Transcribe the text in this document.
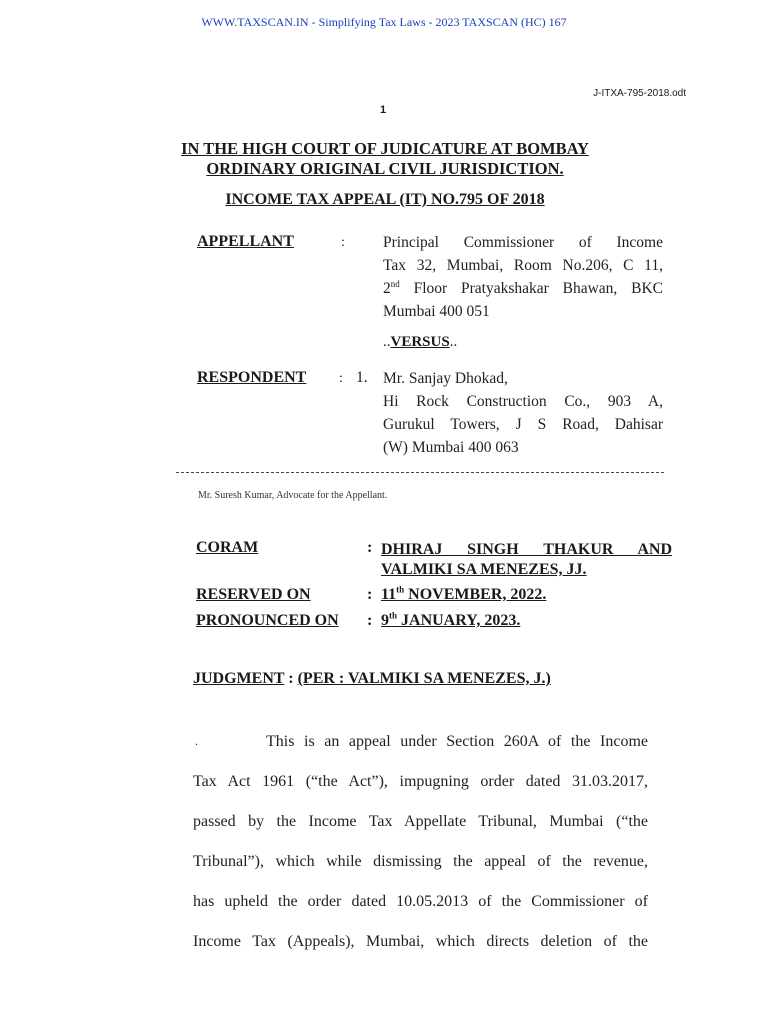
WWW.TAXSCAN.IN - Simplifying Tax Laws - 2023 TAXSCAN (HC) 167
J-ITXA-795-2018.odt
1
IN THE HIGH COURT OF JUDICATURE AT BOMBAY
ORDINARY ORIGINAL CIVIL JURISDICTION.
INCOME TAX APPEAL (IT) NO.795 OF 2018
APPELLANT	: Principal Commissioner of Income
Tax 32, Mumbai, Room No.206, C 11,
2nd Floor Pratyakshakar Bhawan, BKC
Mumbai 400 051
..VERSUS..
RESPONDENT : 1. Mr. Sanjay Dhokad,
Hi Rock Construction Co., 903 A,
Gurukul Towers, J S Road, Dahisar
(W) Mumbai 400 063
Mr. Suresh Kumar, Advocate for the Appellant.
CORAM	: DHIRAJ SINGH THAKUR AND
VALMIKI SA MENEZES, JJ.
RESERVED ON	: 11th NOVEMBER, 2022.
PRONOUNCED ON : 9th JANUARY, 2023.
JUDGMENT : (PER : VALMIKI SA MENEZES, J.)
.	This is an appeal under Section 260A of the Income
Tax Act 1961 (“the Act”), impugning order dated 31.03.2017,
passed by the Income Tax Appellate Tribunal, Mumbai (“the
Tribunal”), which while dismissing the appeal of the revenue,
has upheld the order dated 10.05.2013 of the Commissioner of
Income Tax (Appeals), Mumbai, which directs deletion of the
